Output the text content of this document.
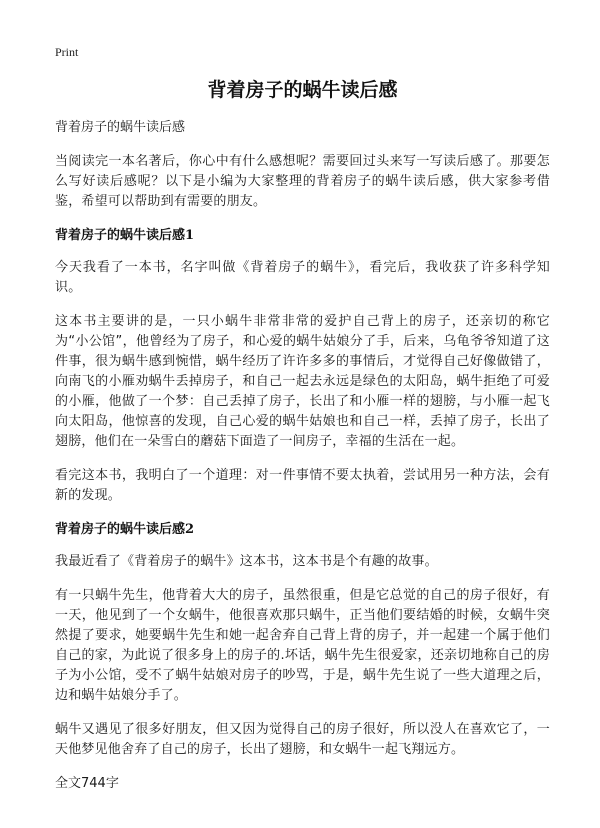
Print
背着房子的蜗牛读后感
背着房子的蜗牛读后感

当阅读完一本名著后，你心中有什么感想呢？需要回过头来写一写读后感了。那要怎么写好读后感呢？以下是小编为大家整理的背着房子的蜗牛读后感，供大家参考借鉴，希望可以帮助到有需要的朋友。

背着房子的蜗牛读后感1

今天我看了一本书，名字叫做《背着房子的蜗牛》，看完后，我收获了许多科学知识。

这本书主要讲的是，一只小蜗牛非常非常的爱护自己背上的房子，还亲切的称它为“小公馆”，他曾经为了房子，和心爱的蜗牛姑娘分了手，后来，乌龟爷爷知道了这件事，很为蜗牛感到惋惜，蜗牛经历了许许多多的事情后，才觉得自己好像做错了，向南飞的小雁劝蜗牛丢掉房子，和自己一起去永远是绿色的太阳岛，蜗牛拒绝了可爱的小雁，他做了一个梦：自己丢掉了房子，长出了和小雁一样的翅膀，与小雁一起飞向太阳岛，他惊喜的发现，自己心爱的蜗牛姑娘也和自己一样，丢掉了房子，长出了翅膀，他们在一朵雪白的蘑菇下面造了一间房子，幸福的生活在一起。

看完这本书，我明白了一个道理：对一件事情不要太执着，尝试用另一种方法，会有新的发现。

背着房子的蜗牛读后感2

我最近看了《背着房子的蜗牛》这本书，这本书是个有趣的故事。

有一只蜗牛先生，他背着大大的房子，虽然很重，但是它总觉的自己的房子很好，有一天，他见到了一个女蜗牛，他很喜欢那只蜗牛，正当他们要结婚的时候，女蜗牛突然提了要求，她要蜗牛先生和她一起舍弃自己背上背的房子，并一起建一个属于他们自己的家，为此说了很多身上的房子的.坏话，蜗牛先生很爱家，还亲切地称自己的房子为小公馆，受不了蜗牛姑娘对房子的吵骂，于是，蜗牛先生说了一些大道理之后，边和蜗牛姑娘分手了。

蜗牛又遇见了很多好朋友，但又因为觉得自己的房子很好，所以没人在喜欢它了，一天他梦见他舍弃了自己的房子，长出了翅膀，和女蜗牛一起飞翔远方。

全文744字
